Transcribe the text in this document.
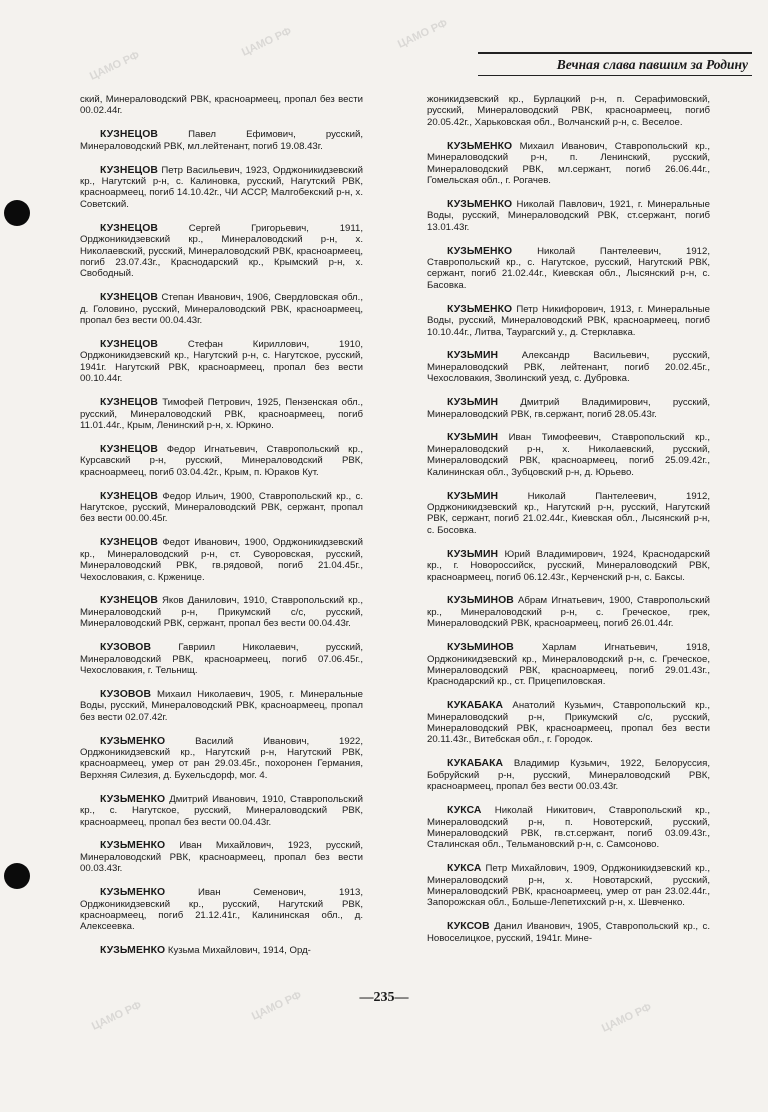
ЦАМО РФ
ЦАМО РФ	ЦАМО РФ
ЦАМО РФ	ЦАМО РФ	ЦАМО РФ
Вечная слава павшим за Родину
ский, Минераловодский РВК, красноармеец, пропал без вести 00.02.44г.
КУЗНЕЦОВ	Павел Ефимович, русский, Минераловодский РВК, мл.лейтенант, погиб 19.08.43г.
КУЗНЕЦОВ Петр Васильевич, 1923, Орджоникидзевский кр., Нагутский р-н, с. Калиновка, русский, Нагутский РВК, красноармеец, погиб 14.10.42г., ЧИ АССР, Малгобекский р-н, х. Советский.
КУЗНЕЦОВ	Сергей Григорьевич, 1911, Орджоникидзевский кр., Минераловодский р-н, х. Николаевский, русский, Минераловодский РВК, красноармеец, погиб 23.07.43г., Краснодарский кр., Крымский р-н, х. Свободный.
КУЗНЕЦОВ Степан Иванович, 1906, Свердловская обл., д. Головино, русский, Минераловодский РВК, красноармеец, пропал без вести 00.04.43г.
КУЗНЕЦОВ	Стефан Кириллович, 1910, Орджоникидзевский кр., Нагутский р-н, с. Нагутское, русский, 1941г. Нагутский РВК, красноармеец, пропал без вести 00.10.44г.
КУЗНЕЦОВ Тимофей Петрович, 1925, Пензенская обл., русский, Минераловодский РВК, красноармеец, погиб 11.01.44г., Крым, Ленинский р-н, х. Юркино.
КУЗНЕЦОВ Федор Игнатьевич, Ставропольский кр., Курсавский р-н, русский, Минераловодский РВК, красноармеец, погиб 03.04.42г., Крым, п. Юраков Кут.
КУЗНЕЦОВ Федор Ильич, 1900, Ставропольский кр., с. Нагутское, русский, Минераловодский РВК, сержант, пропал без вести 00.00.45г.
КУЗНЕЦОВ Федот Иванович, 1900, Орджоникидзевский кр., Минераловодский р-н, ст. Суворовская, русский, Минераловодский РВК, гв.рядовой, погиб 21.04.45г., Чехословакия, с. Крженице.
КУЗНЕЦОВ Яков Данилович, 1910, Ставропольский кр., Минераловодский р-н, Прикумский с/с, русский, Минераловодский РВК, сержант, пропал без вести 00.04.43г.
КУЗОВОВ	Гавриил Николаевич, русский, Минераловодский РВК, красноармеец, погиб 07.06.45г., Чехословакия, г. Тельнищ.
КУЗОВОВ Михаил Николаевич, 1905, г. Минеральные Воды, русский, Минераловодский РВК, красноармеец, пропал без вести 02.07.42г.
КУЗЬМЕНКО	Василий Иванович, 1922, Орджоникидзевский кр., Нагутский р-н, Нагутский РВК, красноармеец, умер от ран 29.03.45г., похоронен Германия, Верхняя Силезия, д. Бухельсдорф, мог. 4.
КУЗЬМЕНКО Дмитрий Иванович, 1910, Ставропольский кр., с. Нагутское, русский, Минераловодский РВК, красноармеец, пропал без вести 00.04.43г.
КУЗЬМЕНКО Иван Михайлович, 1923, русский, Минераловодский РВК, красноармеец, пропал без вести 00.03.43г.
КУЗЬМЕНКО	Иван Семенович, 1913, Орджоникидзевский кр., русский, Нагутский РВК, красноармеец, погиб 21.12.41г., Калининская обл., д. Алексеевка.
КУЗЬМЕНКО Кузьма Михайлович, 1914, Орд-
жоникидзевский кр., Бурлацкий р-н, п. Серафимовский, русский, Минераловодский РВК, красноармеец, погиб 20.05.42г., Харьковская обл., Волчанский р-н, с. Веселое.
КУЗЬМЕНКО Михаил Иванович, Ставропольский кр., Минераловодский р-н, п. Ленинский, русский, Минераловодский РВК, мл.сержант, погиб 26.06.44г., Гомельская обл., г. Рогачев.
КУЗЬМЕНКО Николай Павлович, 1921, г. Минеральные Воды, русский, Минераловодский РВК, ст.сержант, погиб 13.01.43г.
КУЗЬМЕНКО	Николай Пантелеевич, 1912, Ставропольский кр., с. Нагутское, русский, Нагутский РВК, сержант, погиб 21.02.44г., Киевская обл., Лысянский р-н, с. Басовка.
КУЗЬМЕНКО Петр Никифорович, 1913, г. Минеральные Воды, русский, Минераловодский РВК, красноармеец, погиб 10.10.44г., Литва, Таурагский у., д. Стерклавка.
КУЗЬМИН Александр Васильевич, русский, Минераловодский РВК, лейтенант, погиб 20.02.45г., Чехословакия, Зволинский уезд, с. Дубровка.
КУЗЬМИН Дмитрий Владимирович, русский, Минераловодский РВК, гв.сержант, погиб 28.05.43г.
КУЗЬМИН Иван Тимофеевич, Ставропольский кр., Минераловодский р-н, х. Николаевский, русский, Минераловодский РВК, красноармеец, погиб 25.09.42г., Калининская обл., Зубцовский р-н, д. Юрьево.
КУЗЬМИН	Николай Пантелеевич, 1912, Орджоникидзевский кр., Нагутский р-н, русский, Нагутский РВК, сержант, погиб 21.02.44г., Киевская обл., Лысянский р-н, с. Босовка.
КУЗЬМИН Юрий Владимирович, 1924, Краснодарский кр., г. Новороссийск, русский, Минераловодский РВК, красноармеец, погиб 06.12.43г., Керченский р-н, с. Баксы.
КУЗЬМИНОВ Абрам Игнатьевич, 1900, Ставропольский кр., Минераловодский р-н, с. Греческое, грек, Минераловодский РВК, красноармеец, погиб 26.01.44г.
КУЗЬМИНОВ	Харлам Игнатьевич, 1918, Орджоникидзевский кр., Минераловодский р-н, с. Греческое, Минераловодский РВК, красноармеец, погиб 29.01.43г., Краснодарский кр., ст. Прицепиловская.
КУКАБАКА Анатолий Кузьмич, Ставропольский кр., Минераловодский р-н, Прикумский с/с, русский, Минераловодский РВК, красноармеец, пропал без вести 20.11.43г., Витебская обл., г. Городок.
КУКАБАКА Владимир Кузьмич, 1922, Белоруссия, Бобруйский р-н, русский, Минераловодский РВК, красноармеец, пропал без вести 00.03.43г.
КУКСА Николай Никитович, Ставропольский кр., Минераловодский р-н, п. Новотерский, русский, Минераловодский РВК, гв.ст.сержант, погиб 03.09.43г., Сталинская обл., Тельмановский р-н, с. Самсоново.
КУКСА Петр Михайлович, 1909, Орджоникидзевский кр., Минераловодский р-н, х. Новотарский, русский, Минераловодский РВК, красноармеец, умер от ран 23.02.44г., Запорожская обл., Больше-Лепетихский р-н, х. Шевченко.
КУКСОВ Данил Иванович, 1905, Ставропольский кр., с. Новоселицкое, русский, 1941г. Мине-
—235—
